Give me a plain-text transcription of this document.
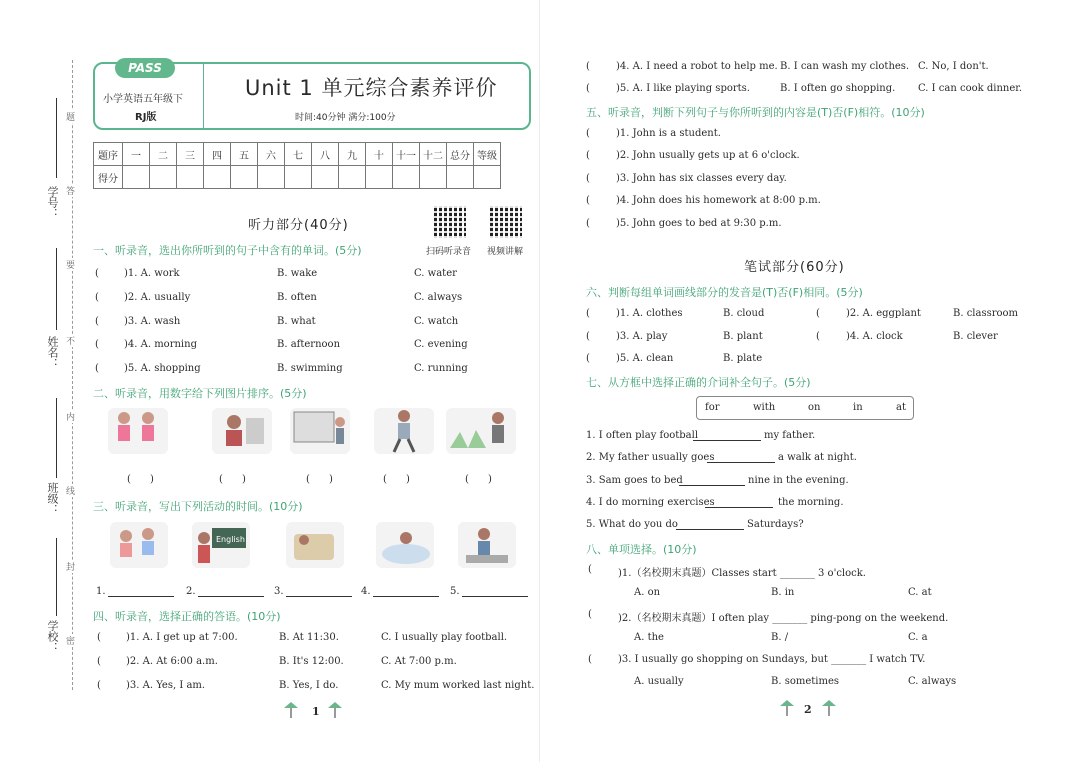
题
答
要
不
内
线
封
密
学号：
姓名：
班级：
学校：
PASS
小学英语五年级下
RJ版
Unit 1 单元综合素养评价
时间:40分钟 满分:100分
题序	一	二	三	四	五	六	七	八	九	十	十一	十二	总分	等级
得分														
听力部分(40分)
扫码听录音 视频讲解
一、听录音，选出你所听到的句子中含有的单词。(5分)
(	)1. A. work	B. wake	C. water
(	)2. A. usually	B. often	C. always
(	)3. A. wash	B. what	C. watch
(	)4. A. morning	B. afternoon	C. evening
(	)5. A. shopping	B. swimming	C. running
二、听录音，用数字给下列图片排序。(5分)
(      )	(      )	(      )	(      )	(      )
三、听录音，写出下列活动的时间。(10分)
English
1.	2.	3.	4.	5.
四、听录音，选择正确的答语。(10分)
(	)1. A. I get up at 7:00.	B. At 11:30.	C. I usually play football.
(	)2. A. At 6:00 a.m.	B. It's 12:00.	C. At 7:00 p.m.
(	)3. A. Yes, I am.	B. Yes, I do.	C. My mum worked last night.
1
(	)4. A. I need a robot to help me. B. I can wash my clothes. C. No, I don't.
(	)5. A. I like playing sports.	B. I often go shopping. C. I can cook dinner.
五、听录音，判断下列句子与你所听到的内容是(T)否(F)相符。(10分)
(	)1. John is a student.
(	)2. John usually gets up at 6 o'clock.
(	)3. John has six classes every day.
(	)4. John does his homework at 8:00 p.m.
(	)5. John goes to bed at 9:30 p.m.
笔试部分(60分)
六、判断每组单词画线部分的发音是(T)否(F)相同。(5分)
(	)1. A. clothes	B. cloud	(	)2. A. eggplant	B. classroom
(	)3. A. play	B. plant	(	)4. A. clock	B. clever
(	)5. A. clean	B. plate
七、从方框中选择正确的介词补全句子。(5分)
for	with	on	in	at
1. I often play football	my father.
2. My father usually goes	a walk at night.
3. Sam goes to bed	nine in the evening.
4. I do morning exercises	the morning.
5. What do you do	Saturdays?
八、单项选择。(10分)
(	)1.（名校期末真题）Classes start _______ 3 o'clock.
A. on	B. in	C. at
(	)2.（名校期末真题）I often play _______ ping-pong on the weekend.
A. the	B. /	C. a
(	)3. I usually go shopping on Sundays, but _______ I watch TV.
A. usually	B. sometimes	C. always
2
